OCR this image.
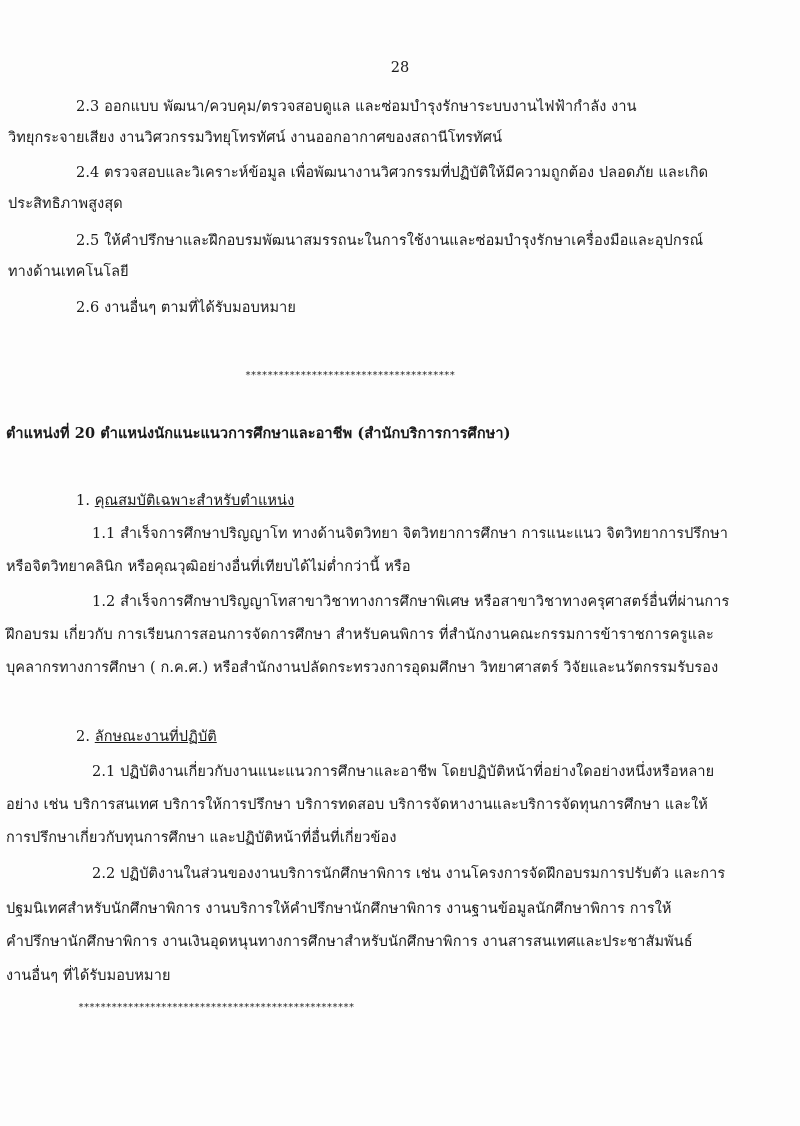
28
2.3 ออกแบบ พัฒนา/ควบคุม/ตรวจสอบดูแล และซ่อมบำรุงรักษาระบบงานไฟฟ้ากำลัง งาน
วิทยุกระจายเสียง งานวิศวกรรมวิทยุโทรทัศน์ งานออกอากาศของสถานีโทรทัศน์
2.4 ตรวจสอบและวิเคราะห์ข้อมูล เพื่อพัฒนางานวิศวกรรมที่ปฏิบัติให้มีความถูกต้อง ปลอดภัย และเกิด
ประสิทธิภาพสูงสุด
2.5 ให้คำปรึกษาและฝึกอบรมพัฒนาสมรรถนะในการใช้งานและซ่อมบำรุงรักษาเครื่องมือและอุปกรณ์
ทางด้านเทคโนโลยี
2.6 งานอื่นๆ ตามที่ได้รับมอบหมาย
**************************************
ตำแหน่งที่ 20 ตำแหน่งนักแนะแนวการศึกษาและอาชีพ (สำนักบริการการศึกษา)
1. คุณสมบัติเฉพาะสำหรับตำแหน่ง
1.1 สำเร็จการศึกษาปริญญาโท ทางด้านจิตวิทยา จิตวิทยาการศึกษา การแนะแนว จิตวิทยาการปรึกษา
หรือจิตวิทยาคลินิก หรือคุณวุฒิอย่างอื่นที่เทียบได้ไม่ต่ำกว่านี้ หรือ
1.2 สำเร็จการศึกษาปริญญาโทสาขาวิชาทางการศึกษาพิเศษ หรือสาขาวิชาทางครุศาสตร์อื่นที่ผ่านการ
ฝึกอบรม เกี่ยวกับ การเรียนการสอนการจัดการศึกษา สำหรับคนพิการ ที่สำนักงานคณะกรรมการข้าราชการครูและ
บุคลากรทางการศึกษา ( ก.ค.ศ.) หรือสำนักงานปลัดกระทรวงการอุดมศึกษา วิทยาศาสตร์ วิจัยและนวัตกรรมรับรอง
2. ลักษณะงานที่ปฏิบัติ
2.1 ปฏิบัติงานเกี่ยวกับงานแนะแนวการศึกษาและอาชีพ โดยปฏิบัติหน้าที่อย่างใดอย่างหนึ่งหรือหลาย
อย่าง เช่น บริการสนเทศ บริการให้การปรึกษา บริการทดสอบ บริการจัดหางานและบริการจัดทุนการศึกษา และให้
การปรึกษาเกี่ยวกับทุนการศึกษา และปฏิบัติหน้าที่อื่นที่เกี่ยวข้อง
2.2 ปฏิบัติงานในส่วนของงานบริการนักศึกษาพิการ เช่น งานโครงการจัดฝึกอบรมการปรับตัว และการ
ปฐมนิเทศสำหรับนักศึกษาพิการ งานบริการให้คำปรึกษานักศึกษาพิการ งานฐานข้อมูลนักศึกษาพิการ การให้
คำปรึกษานักศึกษาพิการ งานเงินอุดหนุนทางการศึกษาสำหรับนักศึกษาพิการ งานสารสนเทศและประชาสัมพันธ์
งานอื่นๆ ที่ได้รับมอบหมาย
**************************************************
